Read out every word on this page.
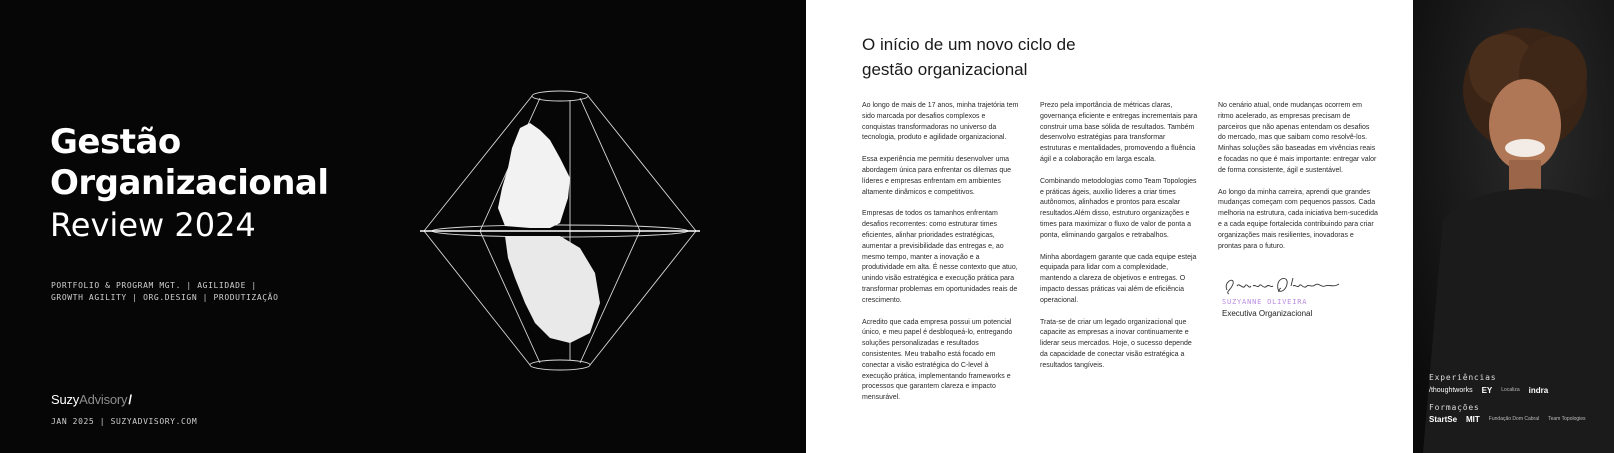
Gestão
Organizacional
Review 2024
PORTFOLIO & PROGRAM MGT. | AGILIDADE |
GROWTH AGILITY | ORG.DESIGN | PRODUTIZAÇÃO
SuzyAdvisory/
JAN 2025 | SUZYADVISORY.COM
O início de um novo ciclo de
gestão organizacional

Ao longo de mais de 17 anos, minha trajetória tem sido marcada por desafios complexos e conquistas transformadoras no universo da tecnologia, produto e agilidade organizacional.

Essa experiência me permitiu desenvolver uma abordagem única para enfrentar os dilemas que líderes e empresas enfrentam em ambientes altamente dinâmicos e competitivos.

Empresas de todos os tamanhos enfrentam desafios recorrentes: como estruturar times eficientes, alinhar prioridades estratégicas, aumentar a previsibilidade das entregas e, ao mesmo tempo, manter a inovação e a produtividade em alta. É nesse contexto que atuo, unindo visão estratégica e execução prática para transformar problemas em oportunidades reais de crescimento.

Acredito que cada empresa possui um potencial único, e meu papel é desbloqueá-lo, entregando soluções personalizadas e resultados consistentes. Meu trabalho está focado em conectar a visão estratégica do C-level à execução prática, implementando frameworks e processos que garantem clareza e impacto mensurável.

Prezo pela importância de métricas claras, governança eficiente e entregas incrementais para construir uma base sólida de resultados. Também desenvolvo estratégias para transformar estruturas e mentalidades, promovendo a fluência ágil e a colaboração em larga escala.

Combinando metodologias como Team Topologies e práticas ágeis, auxilio líderes a criar times autônomos, alinhados e prontos para escalar resultados.Além disso, estruturo organizações e times para maximizar o fluxo de valor de ponta a ponta, eliminando gargalos e retrabalhos.

Minha abordagem garante que cada equipe esteja equipada para lidar com a complexidade, mantendo a clareza de objetivos e entregas. O impacto dessas práticas vai além de eficiência operacional.

Trata-se de criar um legado organizacional que capacite as empresas a inovar continuamente e liderar seus mercados. Hoje, o sucesso depende da capacidade de conectar visão estratégica a resultados tangíveis.

No cenário atual, onde mudanças ocorrem em ritmo acelerado, as empresas precisam de parceiros que não apenas entendam os desafios do mercado, mas que saibam como resolvê-los. Minhas soluções são baseadas em vivências reais e focadas no que é mais importante: entregar valor de forma consistente, ágil e sustentável.

Ao longo da minha carreira, aprendi que grandes mudanças começam com pequenos passos. Cada melhoria na estrutura, cada iniciativa bem-sucedida e a cada equipe fortalecida contribuindo para criar organizações mais resilientes, inovadoras e prontas para o futuro.

SUZYANNE OLIVEIRA
Executiva Organizacional
Experiências
/thoughtworks EY Localiza indra
Formações
StartSe MIT Fundação Dom Cabral Team Topologies
